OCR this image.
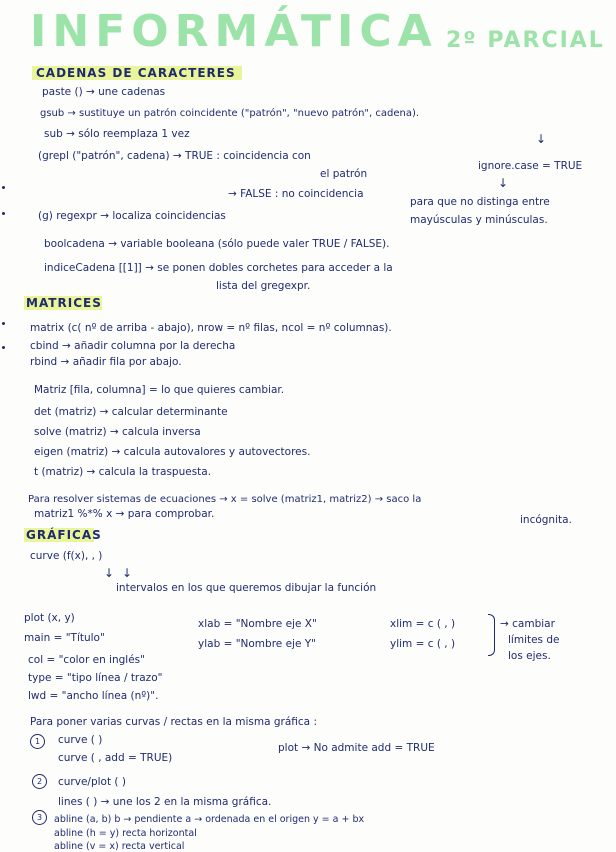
INFORMÁTICA 2º PARCIAL
CADENAS DE CARACTERES
paste () → une cadenas
gsub → sustituye un patrón coincidente ("patrón", "nuevo patrón", cadena).
sub → sólo reemplaza 1 vez
(grepl ("patrón", cadena) → TRUE : coincidencia con
el patrón
→ FALSE : no coincidencia
(g) regexpr → localiza coincidencias
↓
ignore.case = TRUE
↓
para que no distinga entre
mayúsculas y minúsculas.
boolcadena → variable booleana (sólo puede valer TRUE / FALSE).
indiceCadena [[1]] → se ponen dobles corchetes para acceder a la
lista del gregexpr.
MATRICES
matrix (c( nº de arriba - abajo), nrow = nº filas, ncol = nº columnas).
cbind → añadir columna por la derecha
rbind → añadir fila por abajo.
Matriz [fila, columna] = lo que quieres cambiar.
det (matriz) → calcular determinante
solve (matriz) → calcula inversa
eigen (matriz) → calcula autovalores y autovectores.
t (matriz) → calcula la traspuesta.
Para resolver sistemas de ecuaciones → x = solve (matriz1, matriz2) → saco la
incógnita.
matriz1 %*% x → para comprobar.
GRÁFICAS
curve (f(x), , )
↓ ↓
intervalos en los que queremos dibujar la función
plot (x, y)
main = "Título"
col = "color en inglés"
type = "tipo línea / trazo"
lwd = "ancho línea (nº)".
xlab = "Nombre eje X"
ylab = "Nombre eje Y"
xlim = c ( , )
ylim = c ( , )
→ cambiar
límites de
los ejes.
Para poner varias curvas / rectas en la misma gráfica :
1	curve ( )
curve ( , add = TRUE)
plot → No admite add = TRUE
2	curve/plot ( )
lines ( ) → une los 2 en la misma gráfica.
3	abline (a, b) b → pendiente a → ordenada en el origen y = a + bx
abline (h = y) recta horizontal
abline (v = x) recta vertical
